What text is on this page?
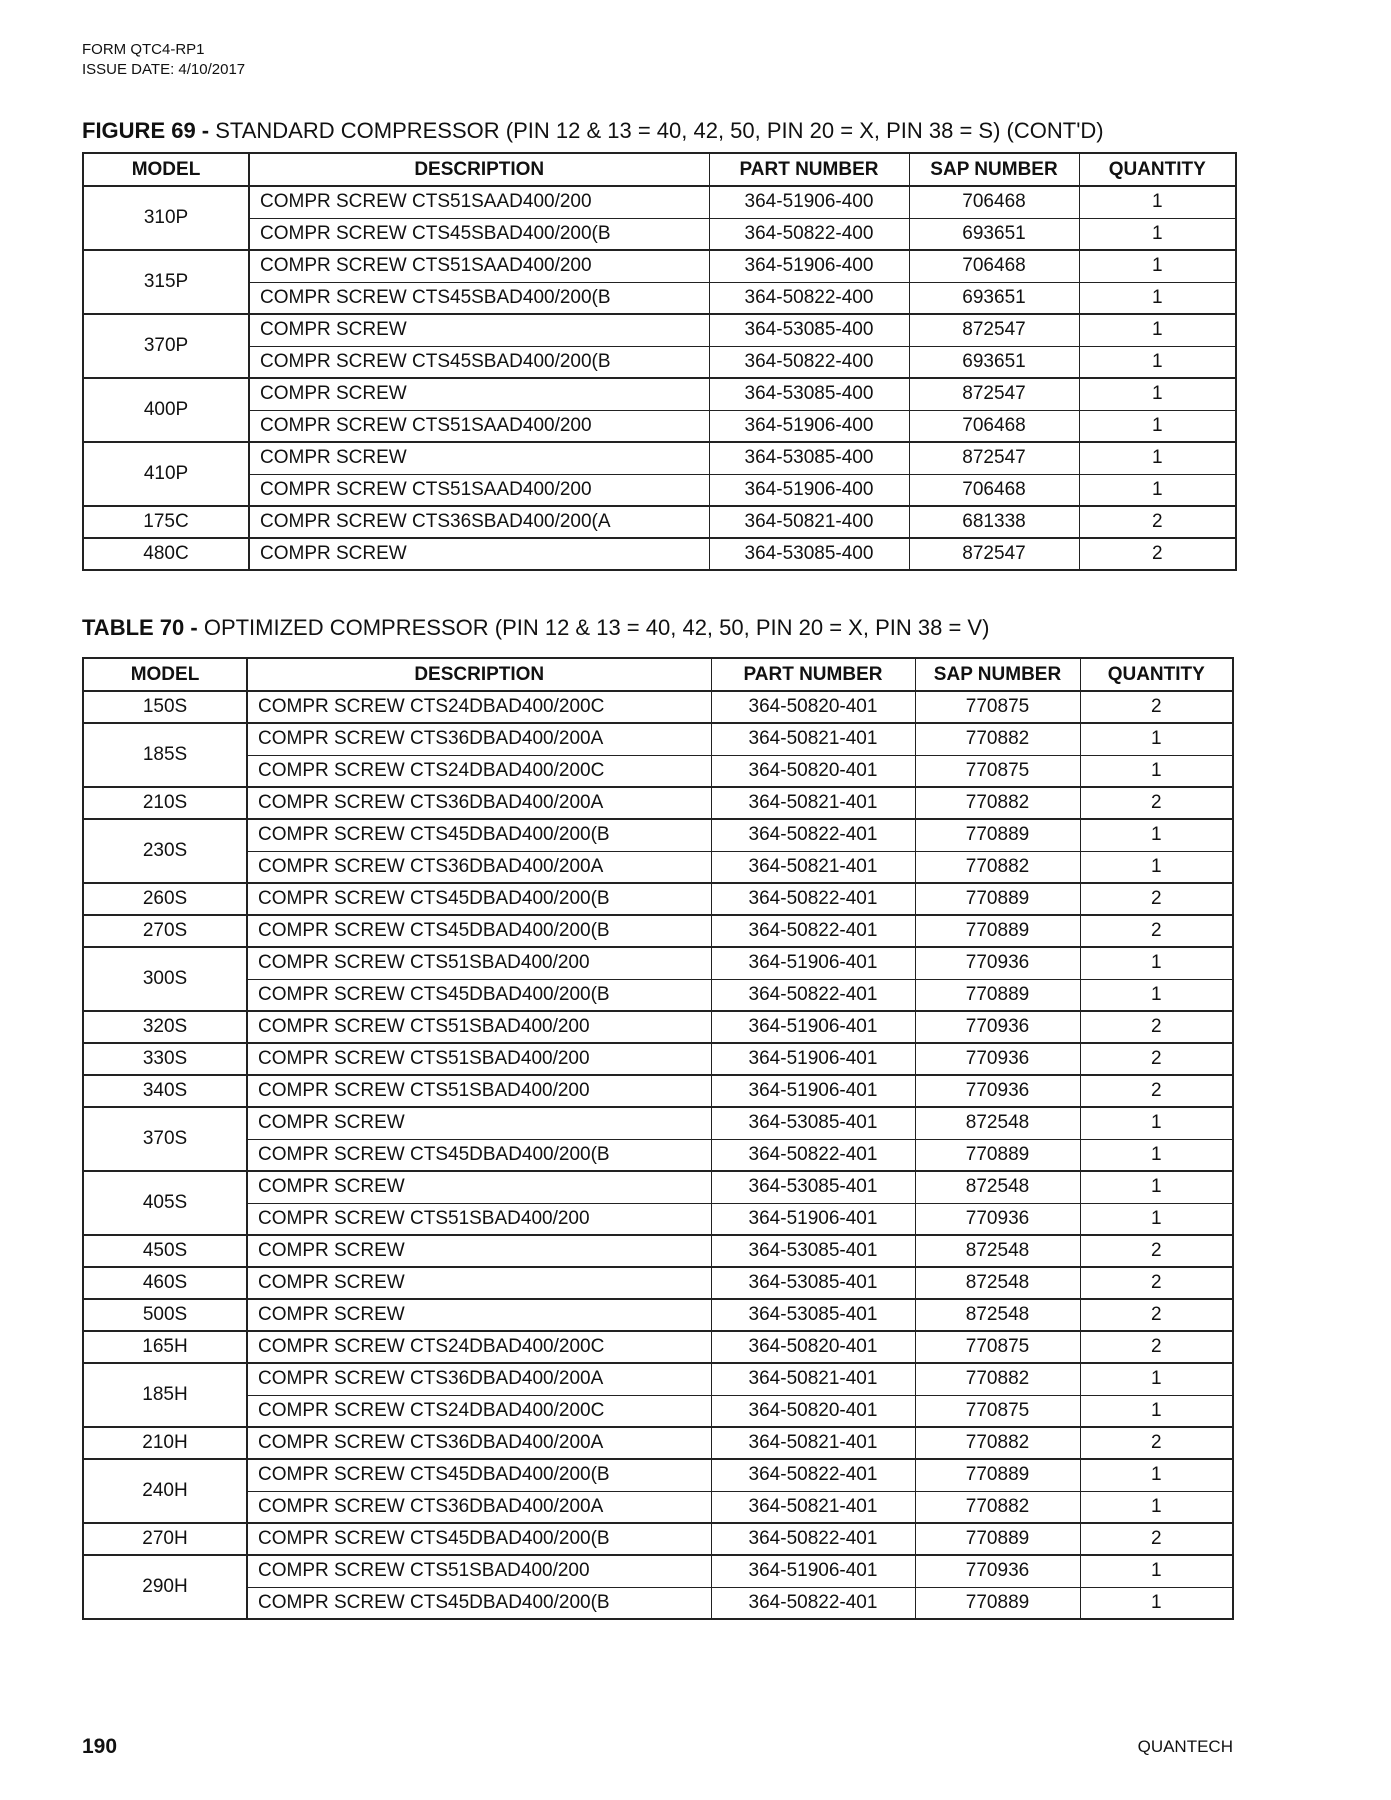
FORM QTC4-RP1
ISSUE DATE: 4/10/2017
FIGURE 69 - STANDARD COMPRESSOR (PIN 12 & 13 = 40, 42, 50, PIN 20 = X, PIN 38 = S) (CONT'D)
MODEL	DESCRIPTION	PART NUMBER	SAP NUMBER	QUANTITY
310P	COMPR SCREW CTS51SAAD400/200	364-51906-400	706468	1
	COMPR SCREW CTS45SBAD400/200(B	364-50822-400	693651	1
315P	COMPR SCREW CTS51SAAD400/200	364-51906-400	706468	1
	COMPR SCREW CTS45SBAD400/200(B	364-50822-400	693651	1
370P	COMPR SCREW	364-53085-400	872547	1
	COMPR SCREW CTS45SBAD400/200(B	364-50822-400	693651	1
400P	COMPR SCREW	364-53085-400	872547	1
	COMPR SCREW CTS51SAAD400/200	364-51906-400	706468	1
410P	COMPR SCREW	364-53085-400	872547	1
	COMPR SCREW CTS51SAAD400/200	364-51906-400	706468	1
175C	COMPR SCREW CTS36SBAD400/200(A	364-50821-400	681338	2
480C	COMPR SCREW	364-53085-400	872547	2
TABLE 70 - OPTIMIZED COMPRESSOR (PIN 12 & 13 = 40, 42, 50, PIN 20 = X, PIN 38 = V)
MODEL	DESCRIPTION	PART NUMBER	SAP NUMBER	QUANTITY
150S	COMPR SCREW CTS24DBAD400/200C	364-50820-401	770875	2
185S	COMPR SCREW CTS36DBAD400/200A	364-50821-401	770882	1
	COMPR SCREW CTS24DBAD400/200C	364-50820-401	770875	1
210S	COMPR SCREW CTS36DBAD400/200A	364-50821-401	770882	2
230S	COMPR SCREW CTS45DBAD400/200(B	364-50822-401	770889	1
	COMPR SCREW CTS36DBAD400/200A	364-50821-401	770882	1
260S	COMPR SCREW CTS45DBAD400/200(B	364-50822-401	770889	2
270S	COMPR SCREW CTS45DBAD400/200(B	364-50822-401	770889	2
300S	COMPR SCREW CTS51SBAD400/200	364-51906-401	770936	1
	COMPR SCREW CTS45DBAD400/200(B	364-50822-401	770889	1
320S	COMPR SCREW CTS51SBAD400/200	364-51906-401	770936	2
330S	COMPR SCREW CTS51SBAD400/200	364-51906-401	770936	2
340S	COMPR SCREW CTS51SBAD400/200	364-51906-401	770936	2
370S	COMPR SCREW	364-53085-401	872548	1
	COMPR SCREW CTS45DBAD400/200(B	364-50822-401	770889	1
405S	COMPR SCREW	364-53085-401	872548	1
	COMPR SCREW CTS51SBAD400/200	364-51906-401	770936	1
450S	COMPR SCREW	364-53085-401	872548	2
460S	COMPR SCREW	364-53085-401	872548	2
500S	COMPR SCREW	364-53085-401	872548	2
165H	COMPR SCREW CTS24DBAD400/200C	364-50820-401	770875	2
185H	COMPR SCREW CTS36DBAD400/200A	364-50821-401	770882	1
	COMPR SCREW CTS24DBAD400/200C	364-50820-401	770875	1
210H	COMPR SCREW CTS36DBAD400/200A	364-50821-401	770882	2
240H	COMPR SCREW CTS45DBAD400/200(B	364-50822-401	770889	1
	COMPR SCREW CTS36DBAD400/200A	364-50821-401	770882	1
270H	COMPR SCREW CTS45DBAD400/200(B	364-50822-401	770889	2
290H	COMPR SCREW CTS51SBAD400/200	364-51906-401	770936	1
	COMPR SCREW CTS45DBAD400/200(B	364-50822-401	770889	1
190	QUANTECH
